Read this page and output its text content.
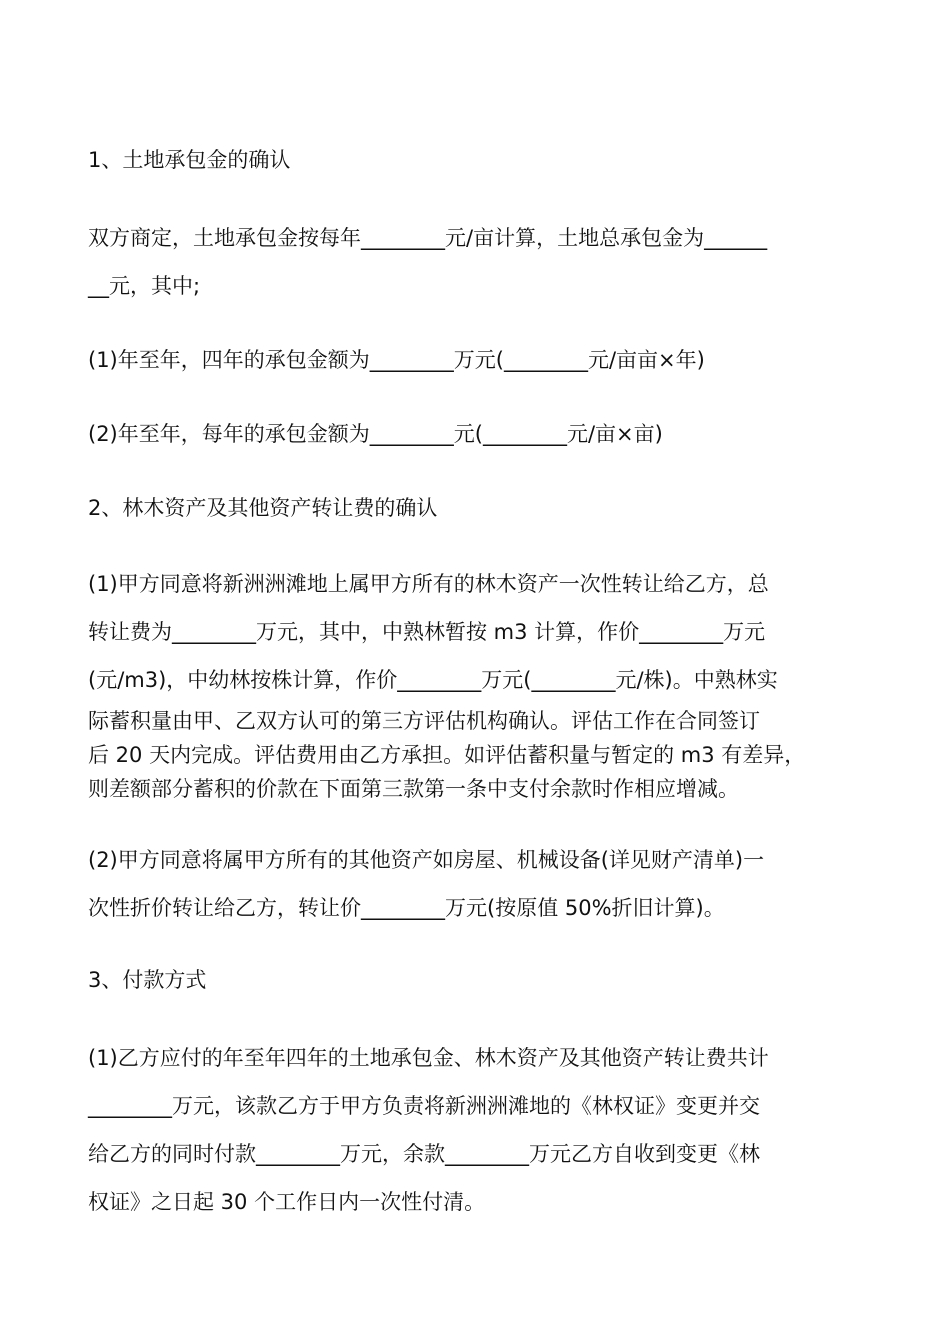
1、土地承包金的确认
双方商定，土地承包金按每年________元/亩计算，土地总承包金为______
__元，其中;
(1)年至年，四年的承包金额为________万元(________元/亩亩×年)
(2)年至年，每年的承包金额为________元(________元/亩×亩)
2、林木资产及其他资产转让费的确认
(1)甲方同意将新洲洲滩地上属甲方所有的林木资产一次性转让给乙方，总
转让费为________万元，其中，中熟林暂按 m3 计算，作价________万元
(元/m3)，中幼林按株计算，作价________万元(________元/株)。中熟林实
际蓄积量由甲、乙双方认可的第三方评估机构确认。评估工作在合同签订
后 20 天内完成。评估费用由乙方承担。如评估蓄积量与暂定的 m3 有差异，
则差额部分蓄积的价款在下面第三款第一条中支付余款时作相应增减。
(2)甲方同意将属甲方所有的其他资产如房屋、机械设备(详见财产清单)一
次性折价转让给乙方，转让价________万元(按原值 50%折旧计算)。
3、付款方式
(1)乙方应付的年至年四年的土地承包金、林木资产及其他资产转让费共计
________万元，该款乙方于甲方负责将新洲洲滩地的《林权证》变更并交
给乙方的同时付款________万元，余款________万元乙方自收到变更《林
权证》之日起 30 个工作日内一次性付清。
